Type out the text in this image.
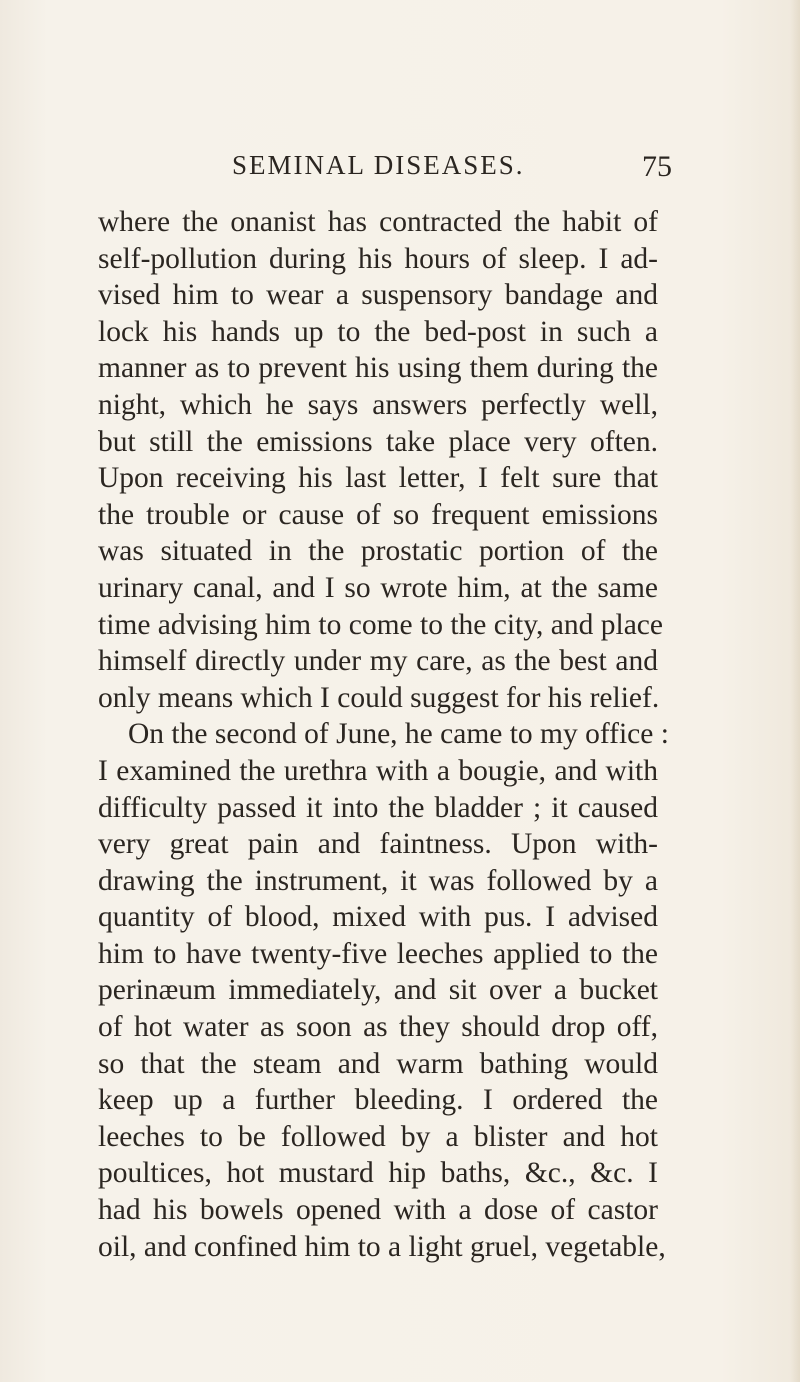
SEMINAL DISEASES.	75
where the onanist has contracted the habit of
self-pollution during his hours of sleep. I ad-
vised him to wear a suspensory bandage and
lock his hands up to the bed-post in such a
manner as to prevent his using them during the
night, which he says answers perfectly well,
but still the emissions take place very often.
Upon receiving his last letter, I felt sure that
the trouble or cause of so frequent emissions
was situated in the prostatic portion of the
urinary canal, and I so wrote him, at the same
time advising him to come to the city, and place
himself directly under my care, as the best and
only means which I could suggest for his relief.
On the second of June, he came to my office :
I examined the urethra with a bougie, and with
difficulty passed it into the bladder ; it caused
very great pain and faintness. Upon with-
drawing the instrument, it was followed by a
quantity of blood, mixed with pus. I advised
him to have twenty-five leeches applied to the
perinæum immediately, and sit over a bucket
of hot water as soon as they should drop off,
so that the steam and warm bathing would
keep up a further bleeding. I ordered the
leeches to be followed by a blister and hot
poultices, hot mustard hip baths, &c., &c. I
had his bowels opened with a dose of castor
oil, and confined him to a light gruel, vegetable,
